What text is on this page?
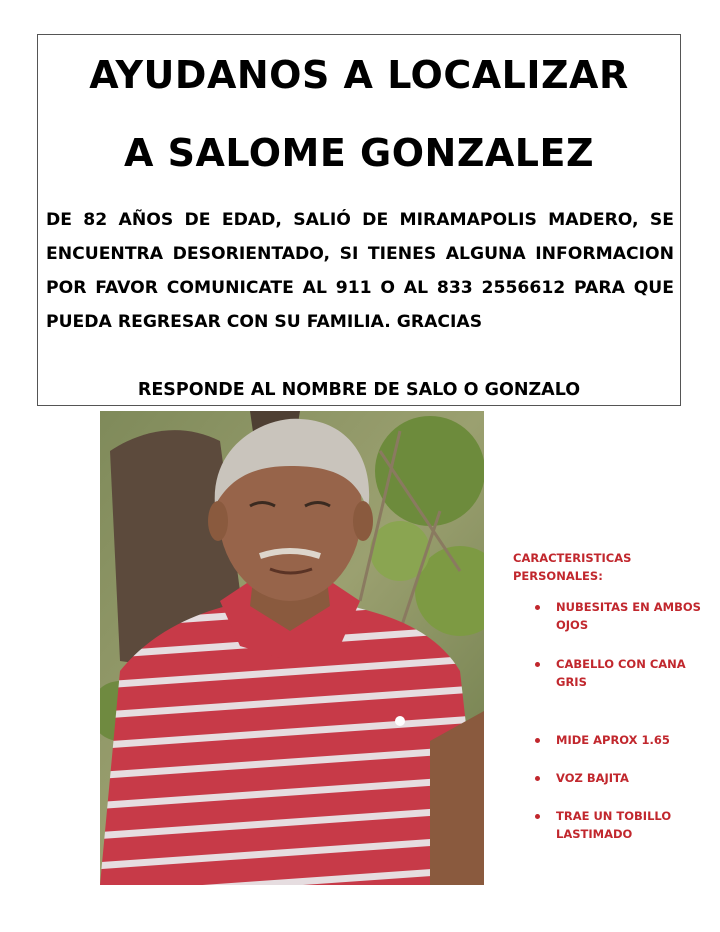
AYUDANOS A LOCALIZAR
A SALOME GONZALEZ

DE 82 AÑOS DE EDAD, SALIÓ DE MIRAMAPOLIS MADERO, SE ENCUENTRA DESORIENTADO, SI TIENES ALGUNA INFORMACION POR FAVOR COMUNICATE AL 911 O AL 833 2556612 PARA QUE PUEDA REGRESAR CON SU FAMILIA. GRACIAS

RESPONDE AL NOMBRE DE SALO O GONZALO

CARACTERISTICAS PERSONALES:

NUBESITAS EN AMBOS OJOS
CABELLO CON CANA GRIS
MIDE APROX 1.65
VOZ BAJITA
TRAE UN TOBILLO LASTIMADO
